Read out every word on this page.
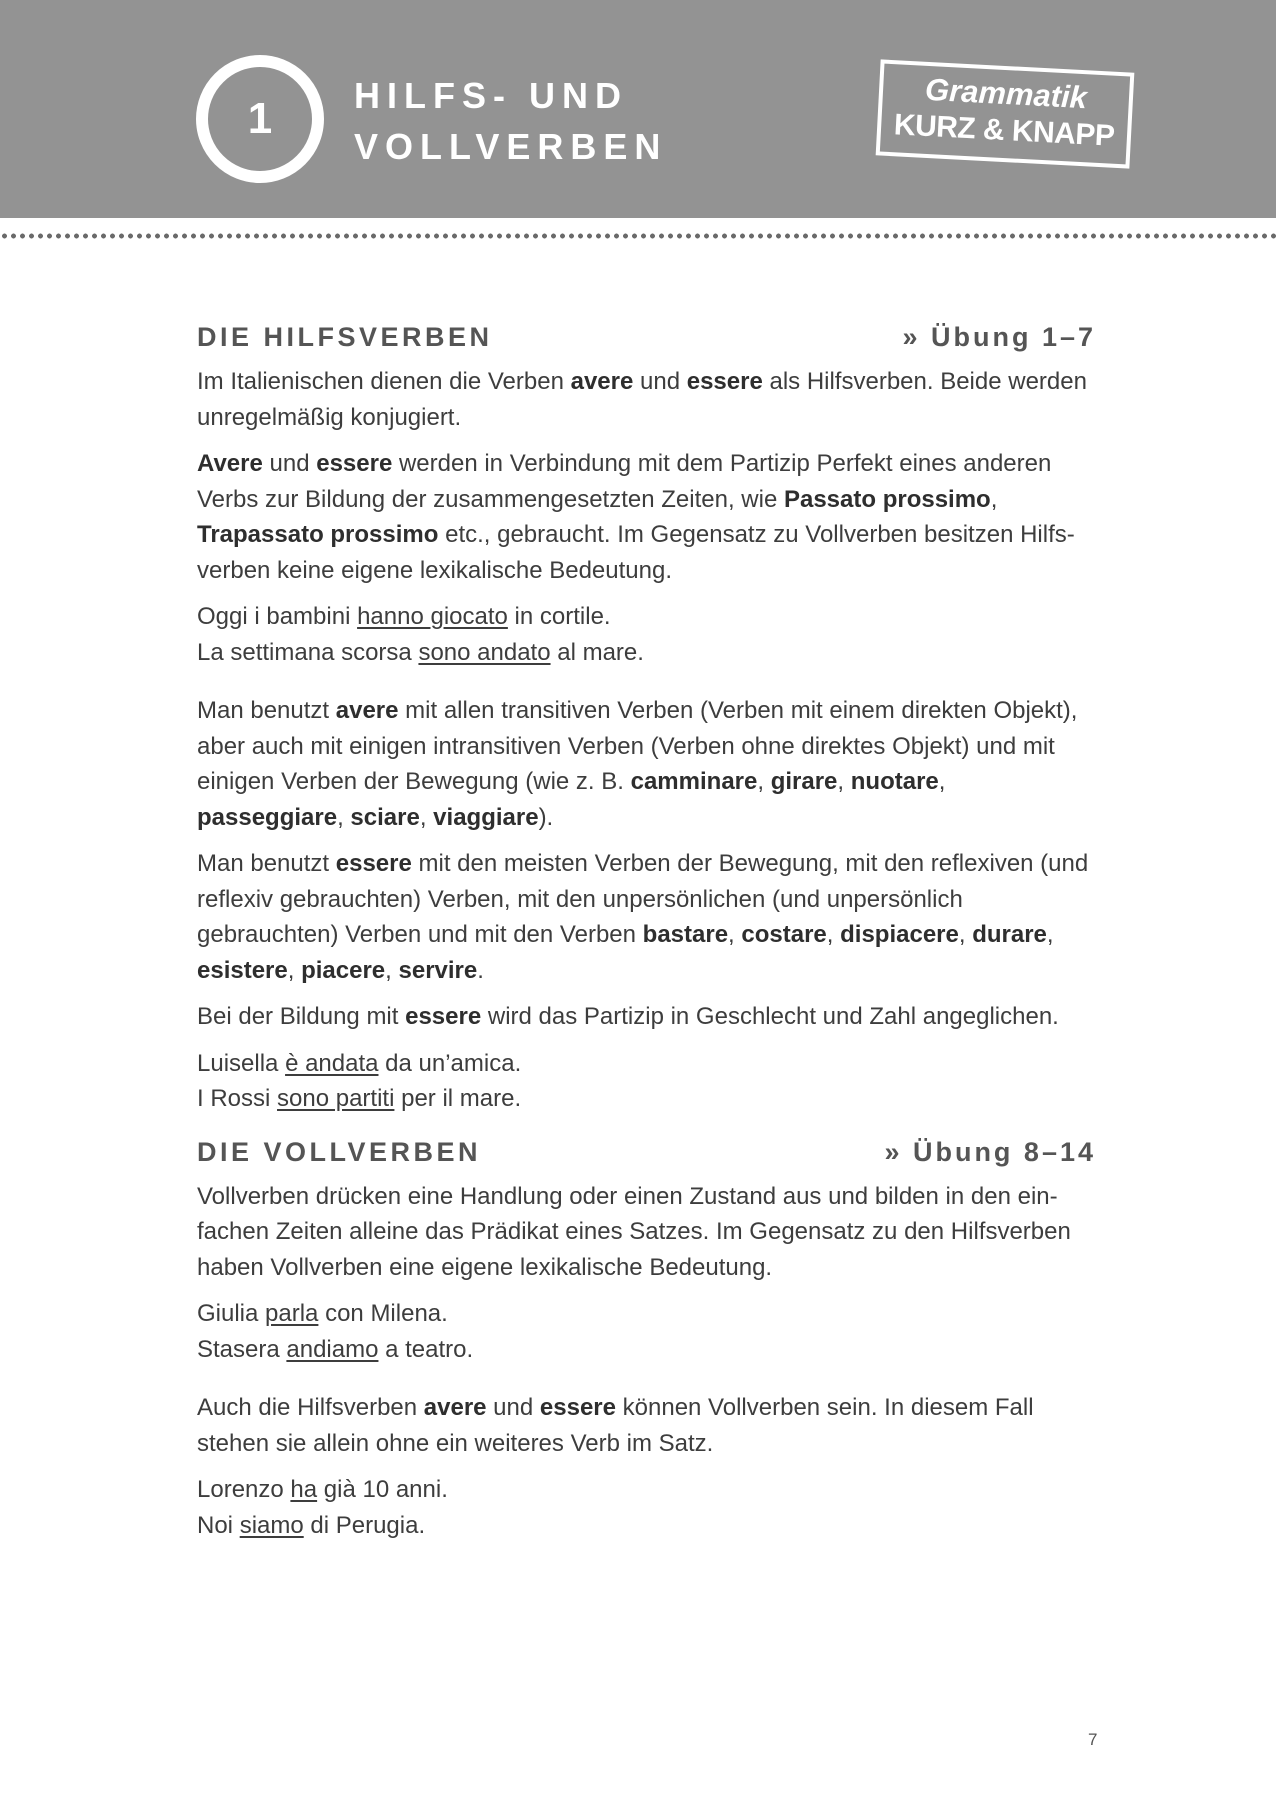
1 HILFS- UND
VOLLVERBEN
Grammatik
KURZ & KNAPP
DIE HILFSVERBEN	» Übung 1–7

Im Italienischen dienen die Verben avere und essere als Hilfsverben. Beide werden unregelmäßig konjugiert.

Avere und essere werden in Verbindung mit dem Partizip Perfekt eines anderen Verbs zur Bildung der zusammengesetzten Zeiten, wie Passato prossimo, Trapassato prossimo etc., gebraucht. Im Gegensatz zu Vollverben besitzen Hilfsverben keine eigene lexikalische Bedeutung.

Oggi i bambini hanno giocato in cortile.
La settimana scorsa sono andato al mare.

Man benutzt avere mit allen transitiven Verben (Verben mit einem direkten Objekt), aber auch mit einigen intransitiven Verben (Verben ohne direktes Objekt) und mit einigen Verben der Bewegung (wie z. B. camminare, girare, nuotare, passeggiare, sciare, viaggiare).

Man benutzt essere mit den meisten Verben der Bewegung, mit den reflexiven (und reflexiv gebrauchten) Verben, mit den unpersönlichen (und unpersönlich gebrauchten) Verben und mit den Verben bastare, costare, dispiacere, durare, esistere, piacere, servire.

Bei der Bildung mit essere wird das Partizip in Geschlecht und Zahl angeglichen.

Luisella è andata da un’amica.
I Rossi sono partiti per il mare.

DIE VOLLVERBEN	» Übung 8–14

Vollverben drücken eine Handlung oder einen Zustand aus und bilden in den einfachen Zeiten alleine das Prädikat eines Satzes. Im Gegensatz zu den Hilfsverben haben Vollverben eine eigene lexikalische Bedeutung.

Giulia parla con Milena.
Stasera andiamo a teatro.

Auch die Hilfsverben avere und essere können Vollverben sein. In diesem Fall stehen sie allein ohne ein weiteres Verb im Satz.

Lorenzo ha già 10 anni.
Noi siamo di Perugia.

7
